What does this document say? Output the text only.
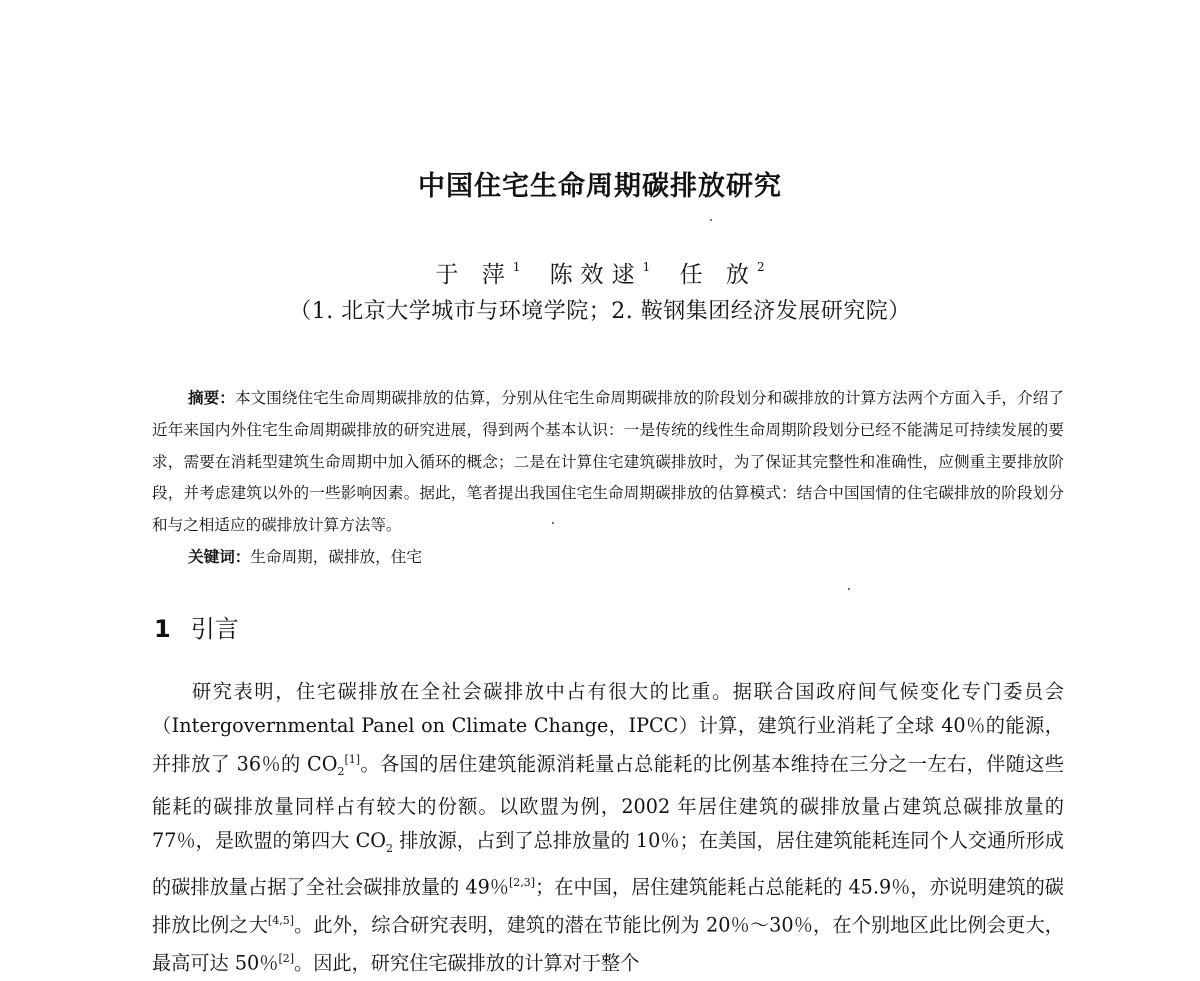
中国住宅生命周期碳排放研究
于 萍$^1$ 陈效逑$^1$ 任 放$^2$
（1. 北京大学城市与环境学院；2. 鞍钢集团经济发展研究院）
摘要：本文围绕住宅生命周期碳排放的估算，分别从住宅生命周期碳排放的阶段划分和碳排放的计算方法两个方面入手，介绍了近年来国内外住宅生命周期碳排放的研究进展，得到两个基本认识：一是传统的线性生命周期阶段划分已经不能满足可持续发展的要求，需要在消耗型建筑生命周期中加入循环的概念；二是在计算住宅建筑碳排放时，为了保证其完整性和准确性，应侧重主要排放阶段，并考虑建筑以外的一些影响因素。据此，笔者提出我国住宅生命周期碳排放的估算模式：结合中国国情的住宅碳排放的阶段划分和与之相适应的碳排放计算方法等。
关键词：生命周期，碳排放，住宅
1 引言
研究表明，住宅碳排放在全社会碳排放中占有很大的比重。据联合国政府间气候变化专门委员会（Intergovernmental Panel on Climate Change，IPCC）计算，建筑行业消耗了全球 40％的能源，并排放了 36％的 $CO_2[1]$。各国的居住建筑能源消耗量占总能耗的比例基本维持在三分之一左右，伴随这些能耗的碳排放量同样占有较大的份额。以欧盟为例，2002 年居住建筑的碳排放量占建筑总碳排放量的 77％，是欧盟的第四大 $CO_2$ 排放源，占到了总排放量的 10％；在美国，居住建筑能耗连同个人交通所形成的碳排放量占据了全社会碳排放量的 49％[2,3]；在中国，居住建筑能耗占总能耗的 45.9％，亦说明建筑的碳排放比例之大[4,5]。此外，综合研究表明，建筑的潜在节能比例为 20％～30％，在个别地区此比例会更大，最高可达 50％[2]。因此，研究住宅碳排放的计算对于整个
